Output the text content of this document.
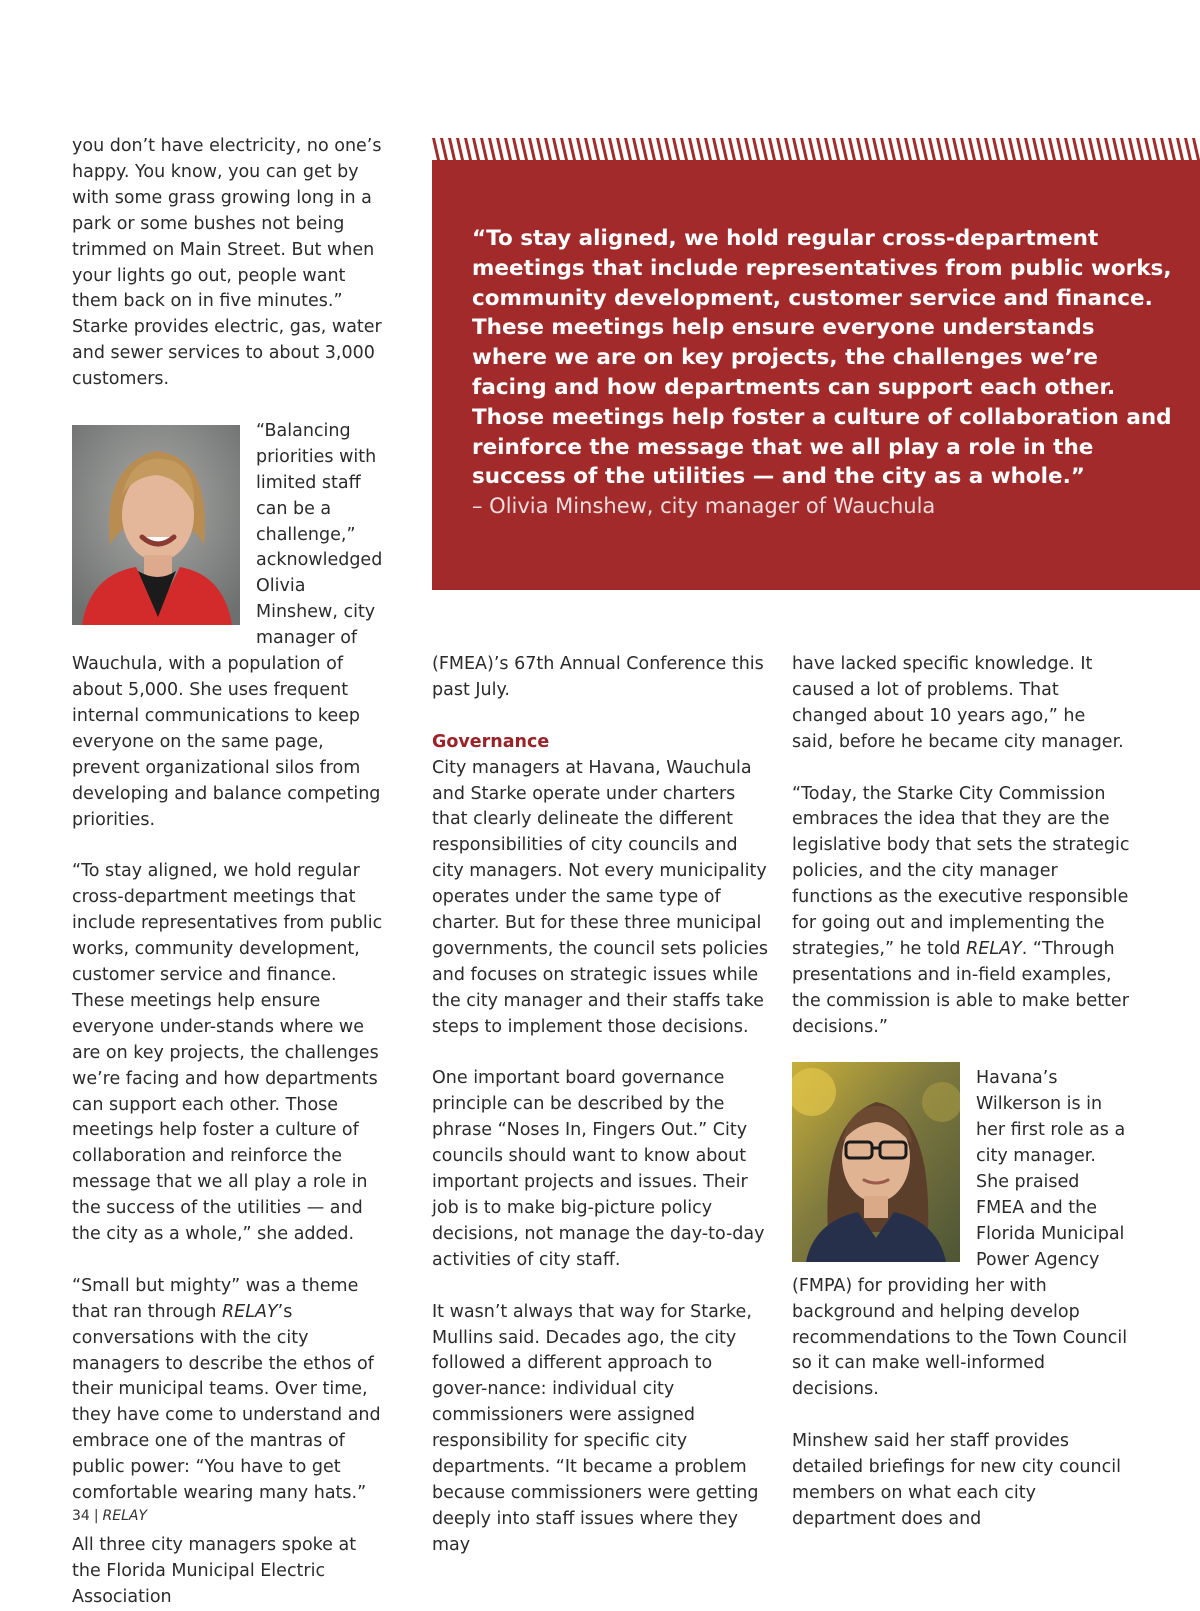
you don’t have electricity, no one’s happy. You know, you can get by with some grass growing long in a park or some bushes not being trimmed on Main Street. But when your lights go out, people want them back on in five minutes.” Starke provides electric, gas, water and sewer services to about 3,000 customers.

“Balancing priorities with limited staff can be a challenge,” acknowledged Olivia Minshew, city manager of Wauchula, with a population of about 5,000. She uses frequent internal communications to keep everyone on the same page, prevent organizational silos from developing and balance competing priorities.

“To stay aligned, we hold regular cross-department meetings that include representatives from public works, community development, customer service and finance. These meetings help ensure everyone under-stands where we are on key projects, the challenges we’re facing and how departments can support each other. Those meetings help foster a culture of collaboration and reinforce the message that we all play a role in the success of the utilities — and the city as a whole,” she added.

“Small but mighty” was a theme that ran through RELAY’s conversations with the city managers to describe the ethos of their municipal teams. Over time, they have come to understand and embrace one of the mantras of public power: “You have to get comfortable wearing many hats.”

All three city managers spoke at the Florida Municipal Electric Association

“To stay aligned, we hold regular cross-department meetings that include representatives from public works, community development, customer service and finance. These meetings help ensure everyone understands where we are on key projects, the challenges we’re facing and how departments can support each other. Those meetings help foster a culture of collaboration and reinforce the message that we all play a role in the success of the utilities — and the city as a whole.”
– Olivia Minshew, city manager of Wauchula

(FMEA)’s 67th Annual Conference this past July.

Governance

City managers at Havana, Wauchula and Starke operate under charters that clearly delineate the different responsibilities of city councils and city managers. Not every municipality operates under the same type of charter. But for these three municipal governments, the council sets policies and focuses on strategic issues while the city manager and their staffs take steps to implement those decisions.

One important board governance principle can be described by the phrase “Noses In, Fingers Out.” City councils should want to know about important projects and issues. Their job is to make big-picture policy decisions, not manage the day-to-day activities of city staff.

It wasn’t always that way for Starke, Mullins said. Decades ago, the city followed a different approach to gover-nance: individual city commissioners were assigned responsibility for specific city departments. “It became a problem because commissioners were getting deeply into staff issues where they may

have lacked specific knowledge. It caused a lot of problems. That changed about 10 years ago,” he said, before he became city manager.

“Today, the Starke City Commission embraces the idea that they are the legislative body that sets the strategic policies, and the city manager functions as the executive responsible for going out and implementing the strategies,” he told RELAY. “Through presentations and in-field examples, the commission is able to make better decisions.”

Havana’s Wilkerson is in her first role as a city manager. She praised FMEA and the Florida Municipal Power Agency (FMPA) for providing her with background and helping develop recommendations to the Town Council so it can make well-informed decisions.

Minshew said her staff provides detailed briefings for new city council members on what each city department does and

34 | RELAY
